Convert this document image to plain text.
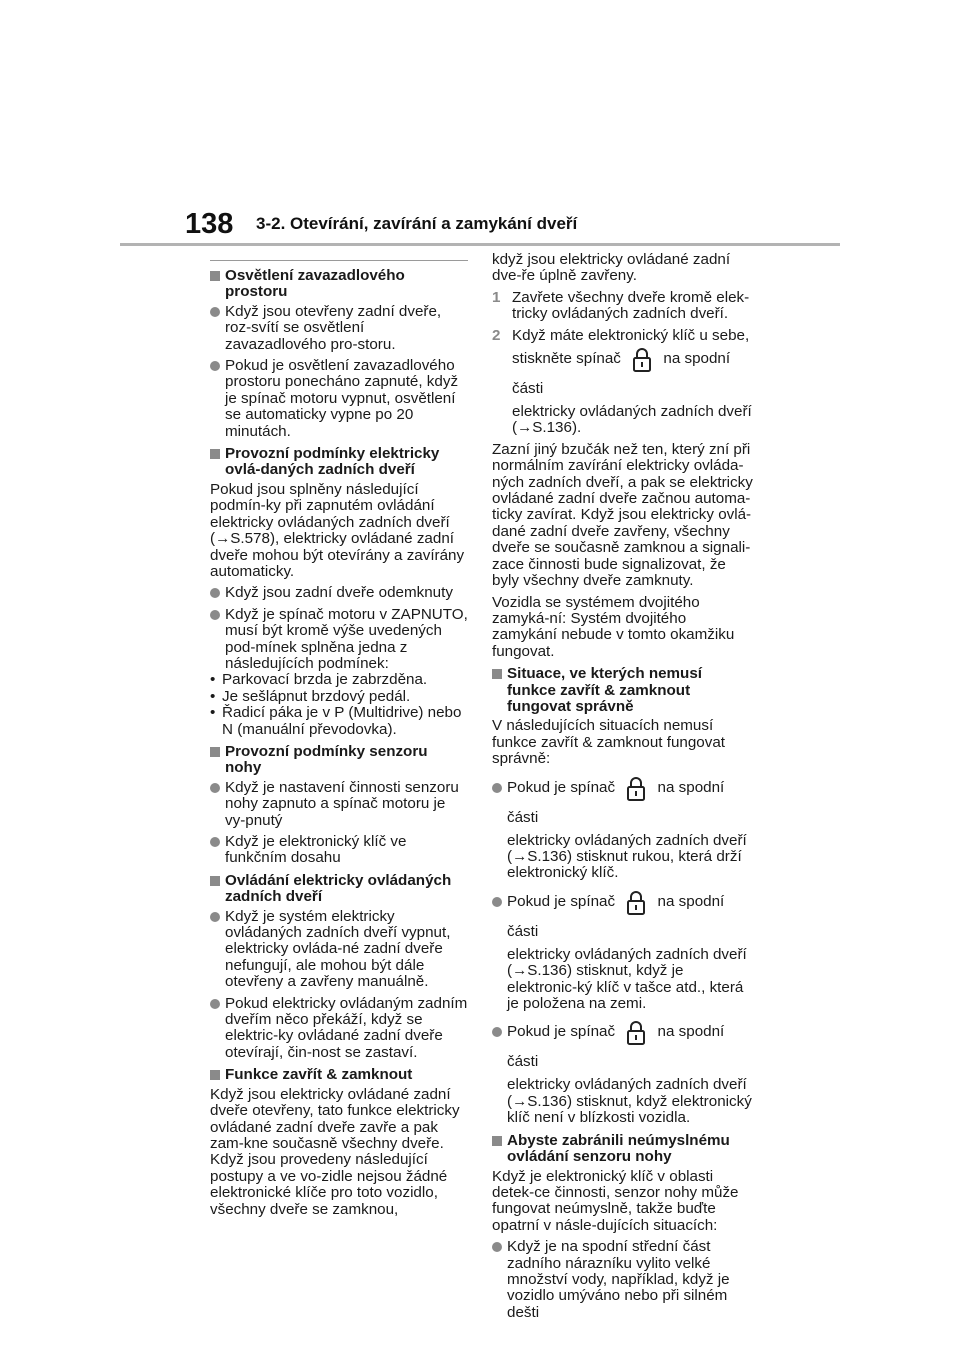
138 3-2. Otevírání, zavírání a zamykání dveří
Osvětlení zavazadlového prostoru
Když jsou otevřeny zadní dveře, roz-svítí se osvětlení zavazadlového pro-storu.
Pokud je osvětlení zavazadlového prostoru ponecháno zapnuté, když je spínač motoru vypnut, osvětlení se automaticky vypne po 20 minutách.
Provozní podmínky elektricky ovlá-daných zadních dveří
Pokud jsou splněny následující podmín-ky při zapnutém ovládání elektricky ovládaných zadních dveří (→S.578), elektricky ovládané zadní dveře mohou být otevírány a zavírány automaticky.
Když jsou zadní dveře odemknuty
Když je spínač motoru v ZAPNUTO, musí být kromě výše uvedených pod-mínek splněna jedna z následujících podmínek:
• Parkovací brzda je zabrzděna.
• Je sešlápnut brzdový pedál.
• Řadicí páka je v P (Multidrive) nebo N (manuální převodovka).
Provozní podmínky senzoru nohy
Když je nastavení činnosti senzoru nohy zapnuto a spínač motoru je vy-pnutý
Když je elektronický klíč ve funkčním dosahu
Ovládání elektricky ovládaných zadních dveří
Když je systém elektricky ovládaných zadních dveří vypnut, elektricky ovláda-né zadní dveře nefungují, ale mohou být dále otevřeny a zavřeny manuálně.
Pokud elektricky ovládaným zadním dveřím něco překáží, když se elektric-ky ovládané zadní dveře otevírají, čin-nost se zastaví.
Funkce zavřít & zamknout
Když jsou elektricky ovládané zadní dveře otevřeny, tato funkce elektricky ovládané zadní dveře zavře a pak zam-kne současně všechny dveře. Když jsou provedeny následující postupy a ve vo-zidle nejsou žádné elektronické klíče pro toto vozidlo, všechny dveře se zamknou,
když jsou elektricky ovládané zadní dve-ře úplně zavřeny.
1 Zavřete všechny dveře kromě elek-tricky ovládaných zadních dveří.
2 Když máte elektronický klíč u sebe,
stiskněte spínač	na spodní části
elektricky ovládaných zadních dveří (→S.136).
Zazní jiný bzučák než ten, který zní při normálním zavírání elektricky ovláda-ných zadních dveří, a pak se elektricky ovládané zadní dveře začnou automa-ticky zavírat. Když jsou elektricky ovlá-dané zadní dveře zavřeny, všechny dveře se současně zamknou a signali-zace činnosti bude signalizovat, že byly všechny dveře zamknuty.
Vozidla se systémem dvojitého zamyká-ní: Systém dvojitého zamykání nebude v tomto okamžiku fungovat.
Situace, ve kterých nemusí funkce zavřít & zamknout fungovat správně
V následujících situacích nemusí funkce zavřít & zamknout fungovat správně:
Pokud je spínač	na spodní části
elektricky ovládaných zadních dveří (→S.136) stisknut rukou, která drží elektronický klíč.
Pokud je spínač	na spodní části
elektricky ovládaných zadních dveří (→S.136) stisknut, když je elektronic-ký klíč v tašce atd., která je položena na zemi.
Pokud je spínač	na spodní části
elektricky ovládaných zadních dveří (→S.136) stisknut, když elektronický klíč není v blízkosti vozidla.
Abyste zabránili neúmyslnému ovládání senzoru nohy
Když je elektronický klíč v oblasti detek-ce činnosti, senzor nohy může fungovat neúmyslně, takže buďte opatrní v násle-dujících situacích:
Když je na spodní střední část zadního nárazníku vylito velké množství vody, například, když je vozidlo umýváno nebo při silném dešti
